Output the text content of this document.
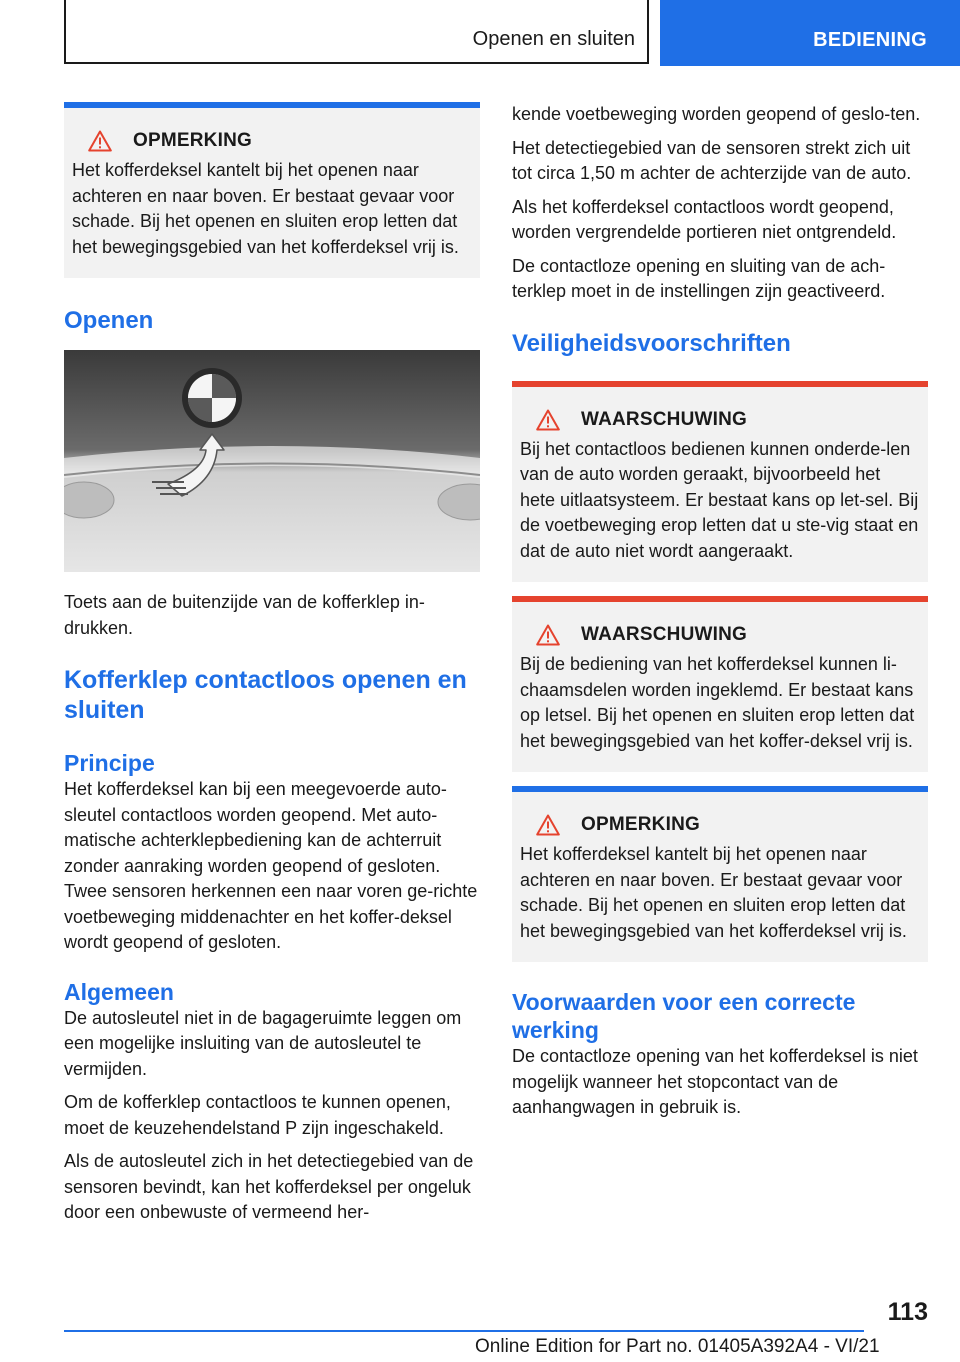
Openen en sluiten	BEDIENING
OPMERKING
Het kofferdeksel kantelt bij het openen naar achteren en naar boven. Er bestaat gevaar voor schade. Bij het openen en sluiten erop letten dat het bewegingsgebied van het kofferdeksel vrij is.
Openen

Toets aan de buitenzijde van de kofferklep in-drukken.

Kofferklep contactloos openen en sluiten
Principe

Het kofferdeksel kan bij een meegevoerde auto-sleutel contactloos worden geopend. Met auto-matische achterklepbediening kan de achterruit zonder aanraking worden geopend of gesloten. Twee sensoren herkennen een naar voren ge-richte voetbeweging middenachter en het koffer-deksel wordt geopend of gesloten.

Algemeen

De autosleutel niet in de bagageruimte leggen om een mogelijke insluiting van de autosleutel te vermijden.

Om de kofferklep contactloos te kunnen openen, moet de keuzehendelstand P zijn ingeschakeld.

Als de autosleutel zich in het detectiegebied van de sensoren bevindt, kan het kofferdeksel per ongeluk door een onbewuste of vermeend her-

kende voetbeweging worden geopend of geslo-ten.

Het detectiegebied van de sensoren strekt zich uit tot circa 1,50 m achter de achterzijde van de auto.

Als het kofferdeksel contactloos wordt geopend, worden vergrendelde portieren niet ontgrendeld.

De contactloze opening en sluiting van de ach-terklep moet in de instellingen zijn geactiveerd.

Veiligheidsvoorschriften
WAARSCHUWING
Bij het contactloos bedienen kunnen onderde-len van de auto worden geraakt, bijvoorbeeld het hete uitlaatsysteem. Er bestaat kans op let-sel. Bij de voetbeweging erop letten dat u ste-vig staat en dat de auto niet wordt aangeraakt.
WAARSCHUWING
Bij de bediening van het kofferdeksel kunnen li-chaamsdelen worden ingeklemd. Er bestaat kans op letsel. Bij het openen en sluiten erop letten dat het bewegingsgebied van het koffer-deksel vrij is.
OPMERKING
Het kofferdeksel kantelt bij het openen naar achteren en naar boven. Er bestaat gevaar voor schade. Bij het openen en sluiten erop letten dat het bewegingsgebied van het kofferdeksel vrij is.
Voorwaarden voor een correcte werking

De contactloze opening van het kofferdeksel is niet mogelijk wanneer het stopcontact van de aanhangwagen in gebruik is.

113
Online Edition for Part no. 01405A392A4 - VI/21
